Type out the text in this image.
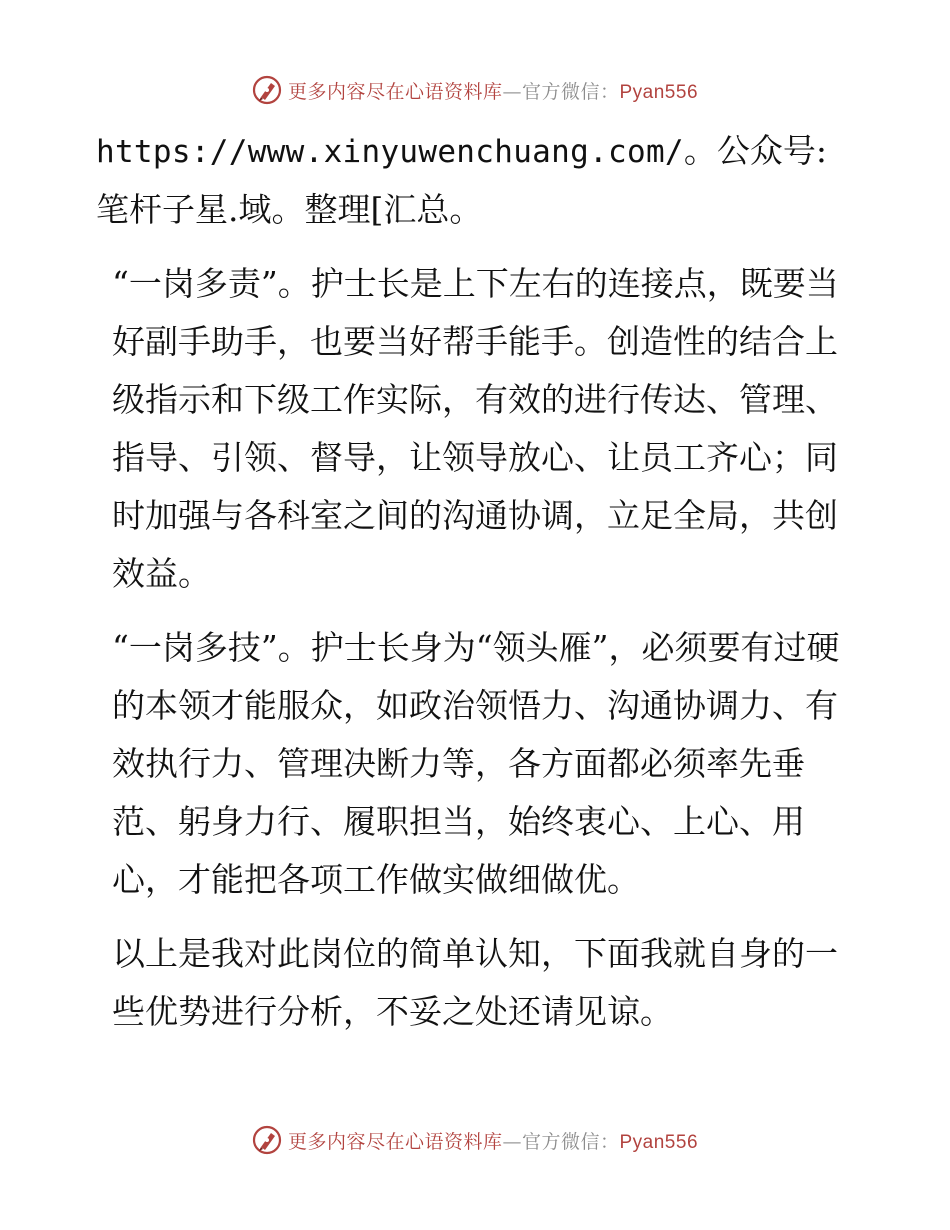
更多内容尽在心语资料库—官方微信：Pyan556

https://www.xinyuwenchuang.com/。公众号: 笔杆子星.域。整理[汇总。

“一岗多责”。护士长是上下左右的连接点，既要当好副手助手，也要当好帮手能手。创造性的结合上级指示和下级工作实际，有效的进行传达、管理、指导、引领、督导，让领导放心、让员工齐心；同时加强与各科室之间的沟通协调，立足全局，共创效益。

“一岗多技”。护士长身为“领头雁”，必须要有过硬的本领才能服众，如政治领悟力、沟通协调力、有效执行力、管理决断力等，各方面都必须率先垂范、躬身力行、履职担当，始终衷心、上心、用心，才能把各项工作做实做细做优。

以上是我对此岗位的简单认知，下面我就自身的一些优势进行分析，不妥之处还请见谅。

更多内容尽在心语资料库—官方微信：Pyan556
